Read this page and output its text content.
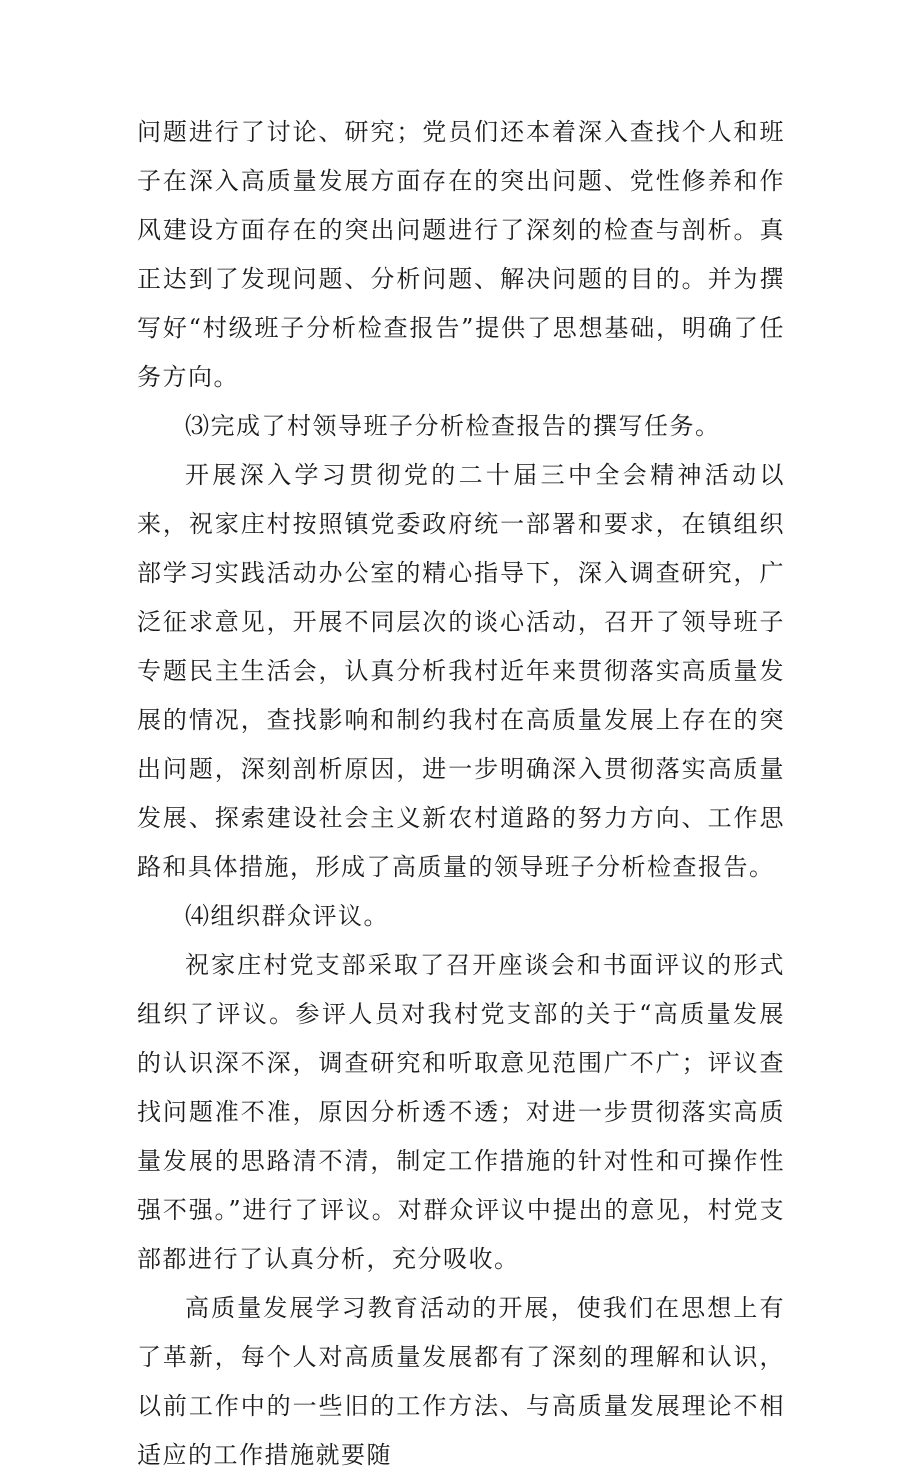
问题进行了讨论、研究；党员们还本着深入查找个人和班子在深入高质量发展方面存在的突出问题、党性修养和作风建设方面存在的突出问题进行了深刻的检查与剖析。真正达到了发现问题、分析问题、解决问题的目的。并为撰写好“村级班子分析检查报告”提供了思想基础，明确了任务方向。

⑶完成了村领导班子分析检查报告的撰写任务。

开展深入学习贯彻党的二十届三中全会精神活动以来，祝家庄村按照镇党委政府统一部署和要求，在镇组织部学习实践活动办公室的精心指导下，深入调查研究，广泛征求意见，开展不同层次的谈心活动，召开了领导班子专题民主生活会，认真分析我村近年来贯彻落实高质量发展的情况，查找影响和制约我村在高质量发展上存在的突出问题，深刻剖析原因，进一步明确深入贯彻落实高质量发展、探索建设社会主义新农村道路的努力方向、工作思路和具体措施，形成了高质量的领导班子分析检查报告。

⑷组织群众评议。

祝家庄村党支部采取了召开座谈会和书面评议的形式组织了评议。参评人员对我村党支部的关于“高质量发展的认识深不深，调查研究和听取意见范围广不广；评议查找问题准不准，原因分析透不透；对进一步贯彻落实高质量发展的思路清不清，制定工作措施的针对性和可操作性强不强。”进行了评议。对群众评议中提出的意见，村党支部都进行了认真分析，充分吸收。

高质量发展学习教育活动的开展，使我们在思想上有了革新，每个人对高质量发展都有了深刻的理解和认识，以前工作中的一些旧的工作方法、与高质量发展理论不相适应的工作措施就要随
